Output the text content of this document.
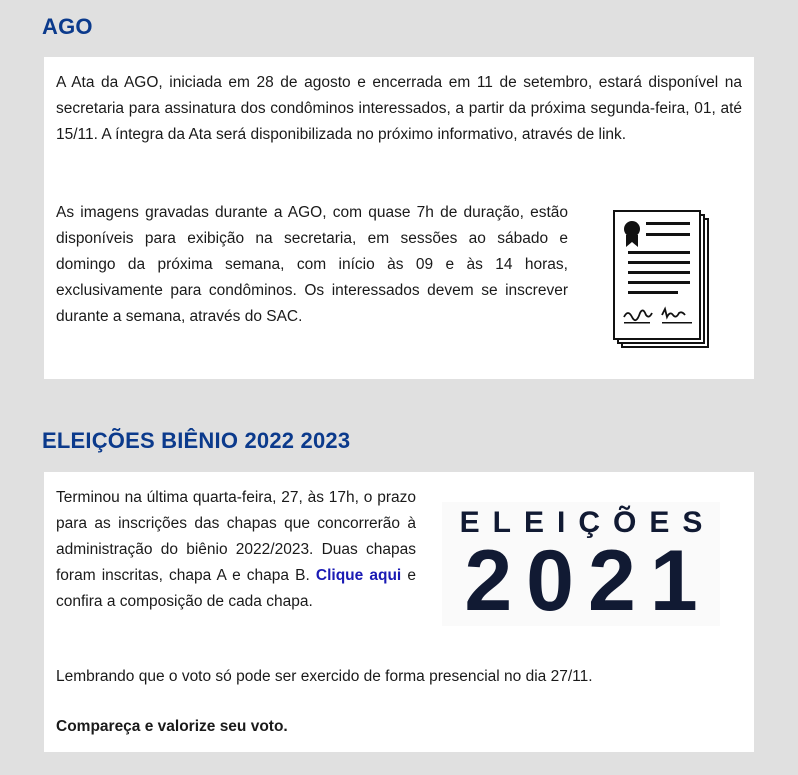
AGO

A Ata da AGO, iniciada em 28 de agosto e encerrada em 11 de setembro, estará disponível na secretaria para assinatura dos condôminos interessados, a partir da próxima segunda-feira, 01, até 15/11. A íntegra da Ata será disponibilizada no próximo informativo, através de link.

As imagens gravadas durante a AGO, com quase 7h de duração, estão disponíveis para exibição na secretaria, em sessões ao sábado e domingo da próxima semana, com início às 09 e às 14 horas, exclusivamente para condôminos. Os interessados devem se inscrever durante a semana, através do SAC.

ELEIÇÕES BIÊNIO 2022 2023

Terminou na última quarta-feira, 27, às 17h, o prazo para as inscrições das chapas que concorrerão à administração do biênio 2022/2023. Duas chapas foram inscritas, chapa A e chapa B. Clique aqui e confira a composição de cada chapa.

ELEIÇÕES
2021

Lembrando que o voto só pode ser exercido de forma presencial no dia 27/11.

Compareça e valorize seu voto.
